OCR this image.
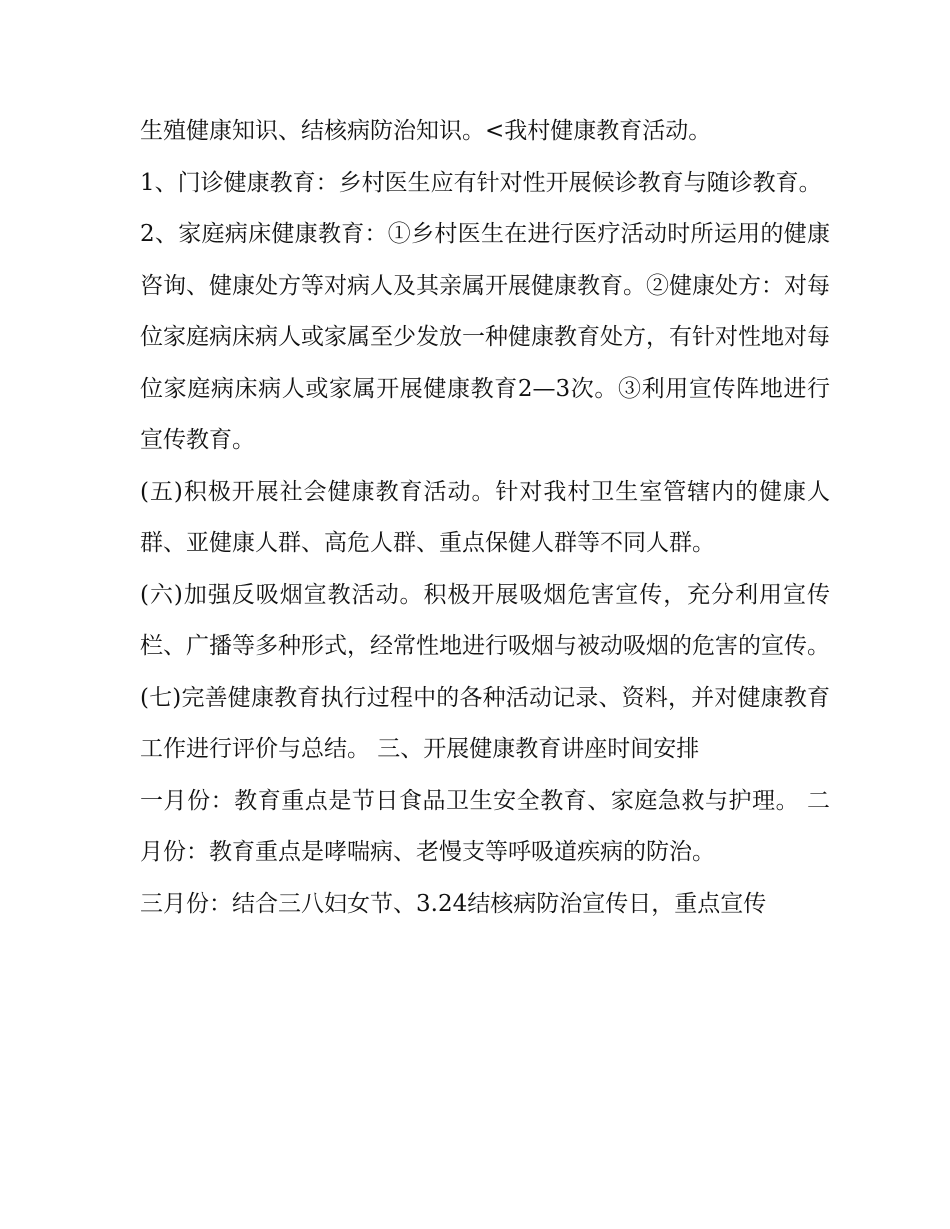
生殖健康知识、结核病防治知识。<我村健康教育活动。

1、门诊健康教育：乡村医生应有针对性开展候诊教育与随诊教育。

2、家庭病床健康教育：①乡村医生在进行医疗活动时所运用的健康咨询、健康处方等对病人及其亲属开展健康教育。②健康处方：对每位家庭病床病人或家属至少发放一种健康教育处方，有针对性地对每位家庭病床病人或家属开展健康教育2—3次。③利用宣传阵地进行宣传教育。

(五)积极开展社会健康教育活动。针对我村卫生室管辖内的健康人群、亚健康人群、高危人群、重点保健人群等不同人群。

(六)加强反吸烟宣教活动。积极开展吸烟危害宣传，充分利用宣传栏、广播等多种形式，经常性地进行吸烟与被动吸烟的危害的宣传。

(七)完善健康教育执行过程中的各种活动记录、资料，并对健康教育工作进行评价与总结。 三、开展健康教育讲座时间安排

一月份：教育重点是节日食品卫生安全教育、家庭急救与护理。 二月份：教育重点是哮喘病、老慢支等呼吸道疾病的防治。

三月份：结合三八妇女节、3.24结核病防治宣传日，重点宣传
